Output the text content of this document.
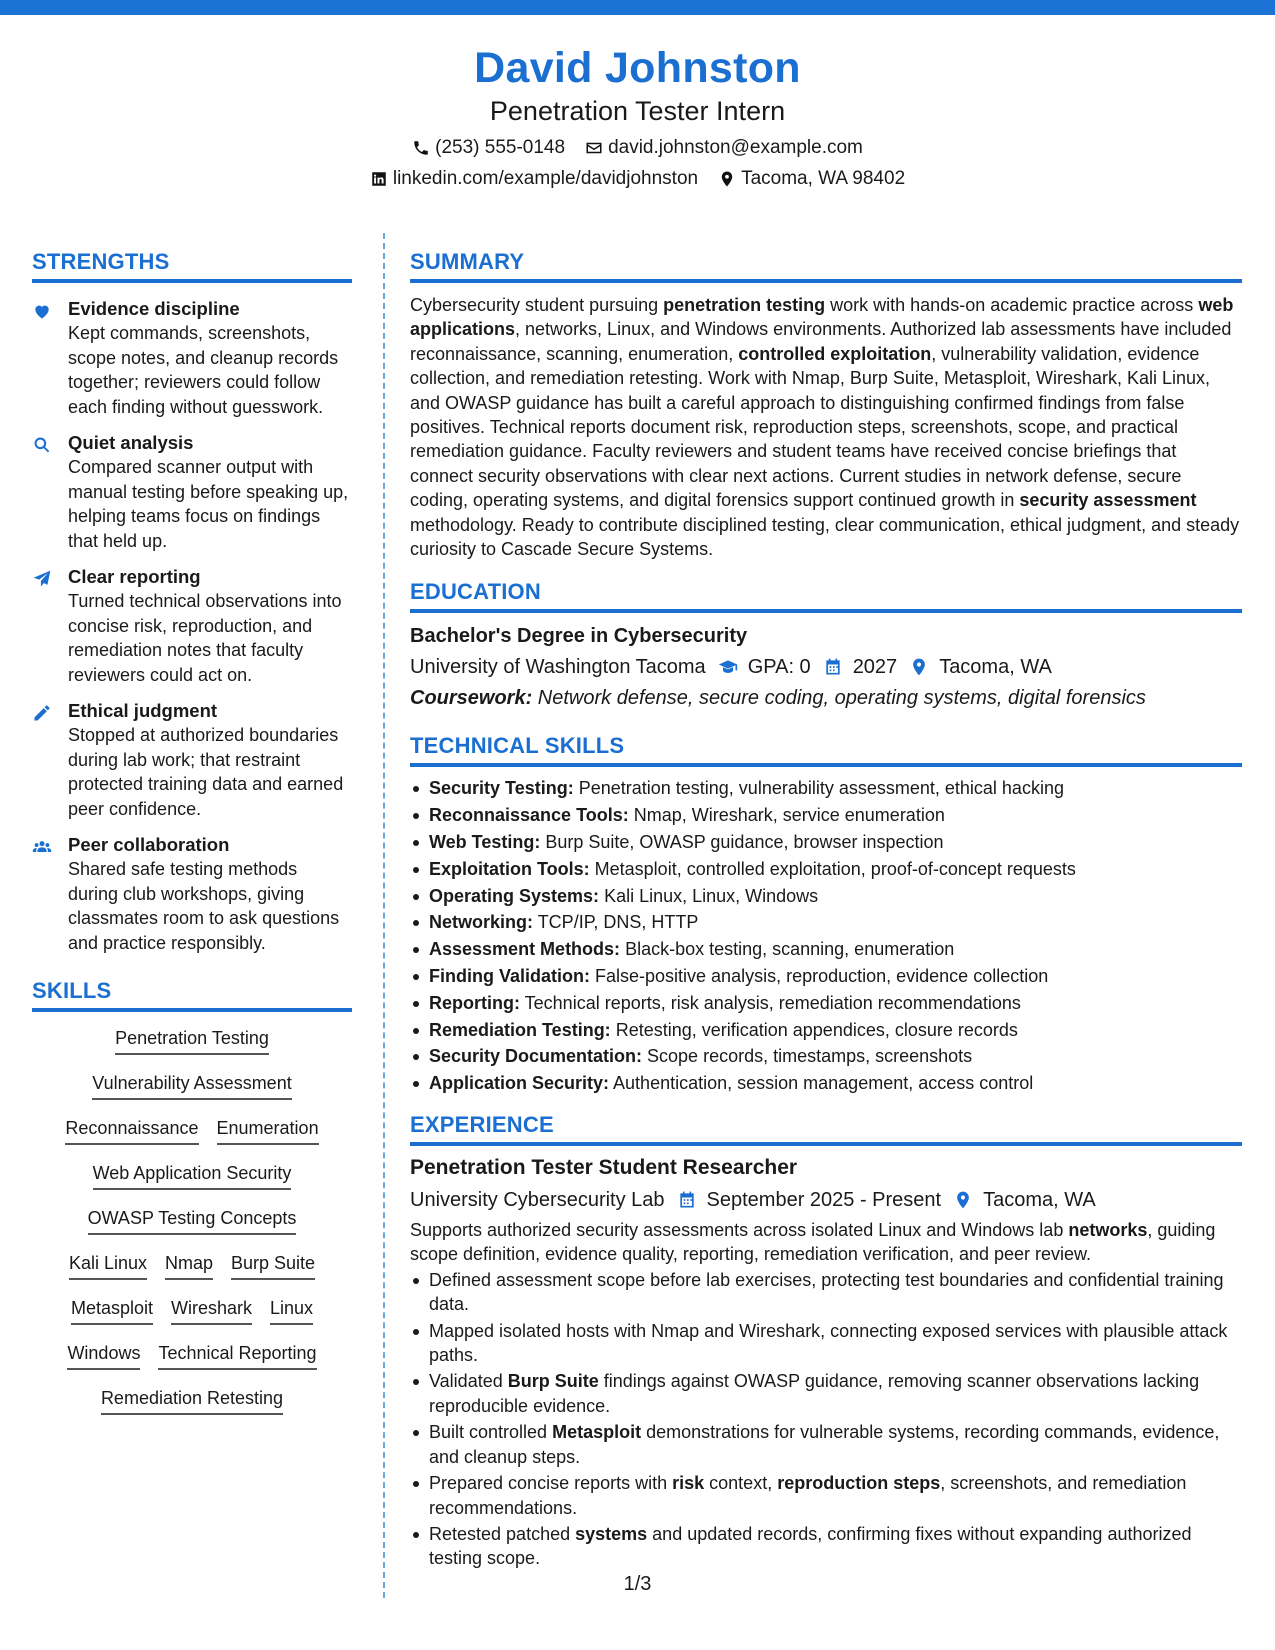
David Johnston
Penetration Tester Intern
(253) 555-0148 david.johnston@example.com
linkedin.com/example/davidjohnston Tacoma, WA 98402
STRENGTHS
Evidence discipline
Kept commands, screenshots, scope notes, and cleanup records together; reviewers could follow each finding without guesswork.
Quiet analysis
Compared scanner output with manual testing before speaking up, helping teams focus on findings that held up.
Clear reporting
Turned technical observations into concise risk, reproduction, and remediation notes that faculty reviewers could act on.
Ethical judgment
Stopped at authorized boundaries during lab work; that restraint protected training data and earned peer confidence.
Peer collaboration
Shared safe testing methods during club workshops, giving classmates room to ask questions and practice responsibly.
SKILLS
Penetration Testing
Vulnerability Assessment
Reconnaissance Enumeration
Web Application Security
OWASP Testing Concepts
Kali Linux Nmap Burp Suite
Metasploit Wireshark Linux
Windows Technical Reporting
Remediation Retesting
SUMMARY
Cybersecurity student pursuing penetration testing work with hands-on academic practice across web applications, networks, Linux, and Windows environments. Authorized lab assessments have included reconnaissance, scanning, enumeration, controlled exploitation, vulnerability validation, evidence collection, and remediation retesting. Work with Nmap, Burp Suite, Metasploit, Wireshark, Kali Linux, and OWASP guidance has built a careful approach to distinguishing confirmed findings from false positives. Technical reports document risk, reproduction steps, screenshots, scope, and practical remediation guidance. Faculty reviewers and student teams have received concise briefings that connect security observations with clear next actions. Current studies in network defense, secure coding, operating systems, and digital forensics support continued growth in security assessment methodology. Ready to contribute disciplined testing, clear communication, ethical judgment, and steady curiosity to Cascade Secure Systems.
EDUCATION
Bachelor's Degree in Cybersecurity
University of Washington Tacoma GPA: 0 2027 Tacoma, WA
Coursework: Network defense, secure coding, operating systems, digital forensics
TECHNICAL SKILLS
Security Testing: Penetration testing, vulnerability assessment, ethical hacking
Reconnaissance Tools: Nmap, Wireshark, service enumeration
Web Testing: Burp Suite, OWASP guidance, browser inspection
Exploitation Tools: Metasploit, controlled exploitation, proof-of-concept requests
Operating Systems: Kali Linux, Linux, Windows
Networking: TCP/IP, DNS, HTTP
Assessment Methods: Black-box testing, scanning, enumeration
Finding Validation: False-positive analysis, reproduction, evidence collection
Reporting: Technical reports, risk analysis, remediation recommendations
Remediation Testing: Retesting, verification appendices, closure records
Security Documentation: Scope records, timestamps, screenshots
Application Security: Authentication, session management, access control
EXPERIENCE
Penetration Tester Student Researcher
University Cybersecurity Lab September 2025 - Present Tacoma, WA
Supports authorized security assessments across isolated Linux and Windows lab networks, guiding scope definition, evidence quality, reporting, remediation verification, and peer review.
Defined assessment scope before lab exercises, protecting test boundaries and confidential training data.
Mapped isolated hosts with Nmap and Wireshark, connecting exposed services with plausible attack paths.
Validated Burp Suite findings against OWASP guidance, removing scanner observations lacking reproducible evidence.
Built controlled Metasploit demonstrations for vulnerable systems, recording commands, evidence, and cleanup steps.
Prepared concise reports with risk context, reproduction steps, screenshots, and remediation recommendations.
Retested patched systems and updated records, confirming fixes without expanding authorized testing scope.
1/3
